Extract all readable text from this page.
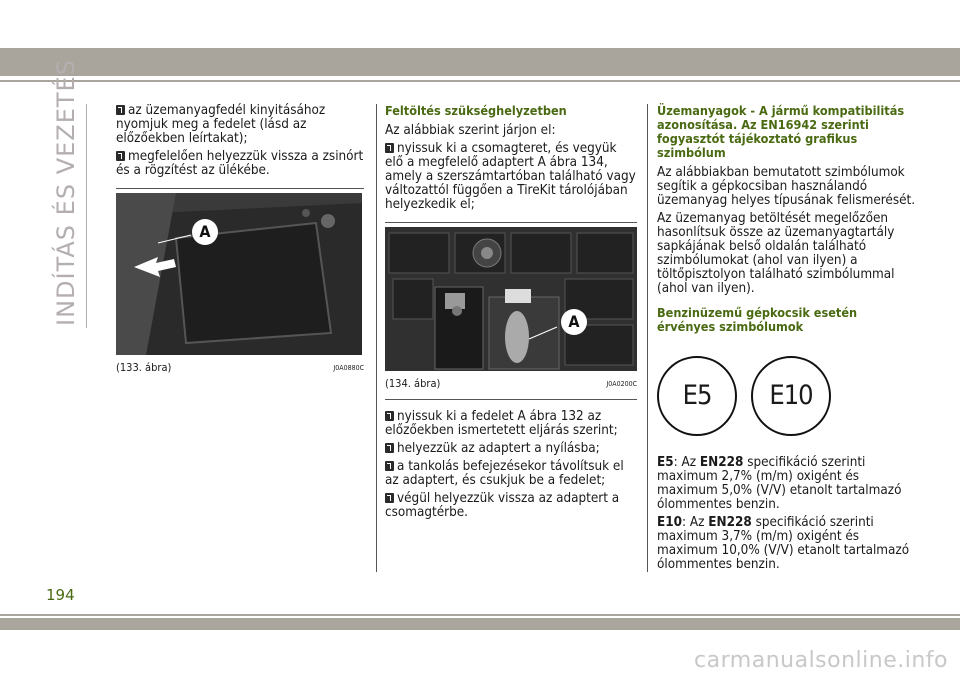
INDÍTÁS ÉS VEZETÉS	az üzemanyagfedél kinyitásához nyomjuk meg a fedelet (lásd az előzőekben leírtakat);

megfelelően helyezzük vissza a zsinórt és a rögzítést az ülékébe.

A
(133. ábra)	J0A0880C
Feltöltés szükséghelyzetben

Az alábbiak szerint járjon el:

nyissuk ki a csomagteret, és vegyük elő a megfelelő adaptert A ábra 134, amely a szerszámtartóban található vagy változattól függően a TireKit tárolójában helyezkedik el;

A
(134. ábra)	J0A0200C

nyissuk ki a fedelet A ábra 132 az előzőekben ismertetett eljárás szerint;

helyezzük az adaptert a nyílásba;

a tankolás befejezésekor távolítsuk el az adaptert, és csukjuk be a fedelet;

végül helyezzük vissza az adaptert a csomagtérbe.

Üzemanyagok - A jármű kompatibilitás azonosítása. Az EN16942 szerinti fogyasztót tájékoztató grafikus szimbólum

Az alábbiakban bemutatott szimbólumok segítik a gépkocsiban használandó üzemanyag helyes típusának felismerését.

Az üzemanyag betöltését megelőzően hasonlítsuk össze az üzemanyagtartály sapkájának belső oldalán található szimbólumokat (ahol van ilyen) a töltőpisztolyon található szimbólummal (ahol van ilyen).

Benzinüzemű gépkocsik esetén érvényes szimbólumok
E5	E10

E5: Az EN228 specifikáció szerinti maximum 2,7% (m/m) oxigént és maximum 5,0% (V/V) etanolt tartalmazó ólommentes benzin.

E10: Az EN228 specifikáció szerinti maximum 3,7% (m/m) oxigént és maximum 10,0% (V/V) etanolt tartalmazó ólommentes benzin.

194
carmanualsonline.info
